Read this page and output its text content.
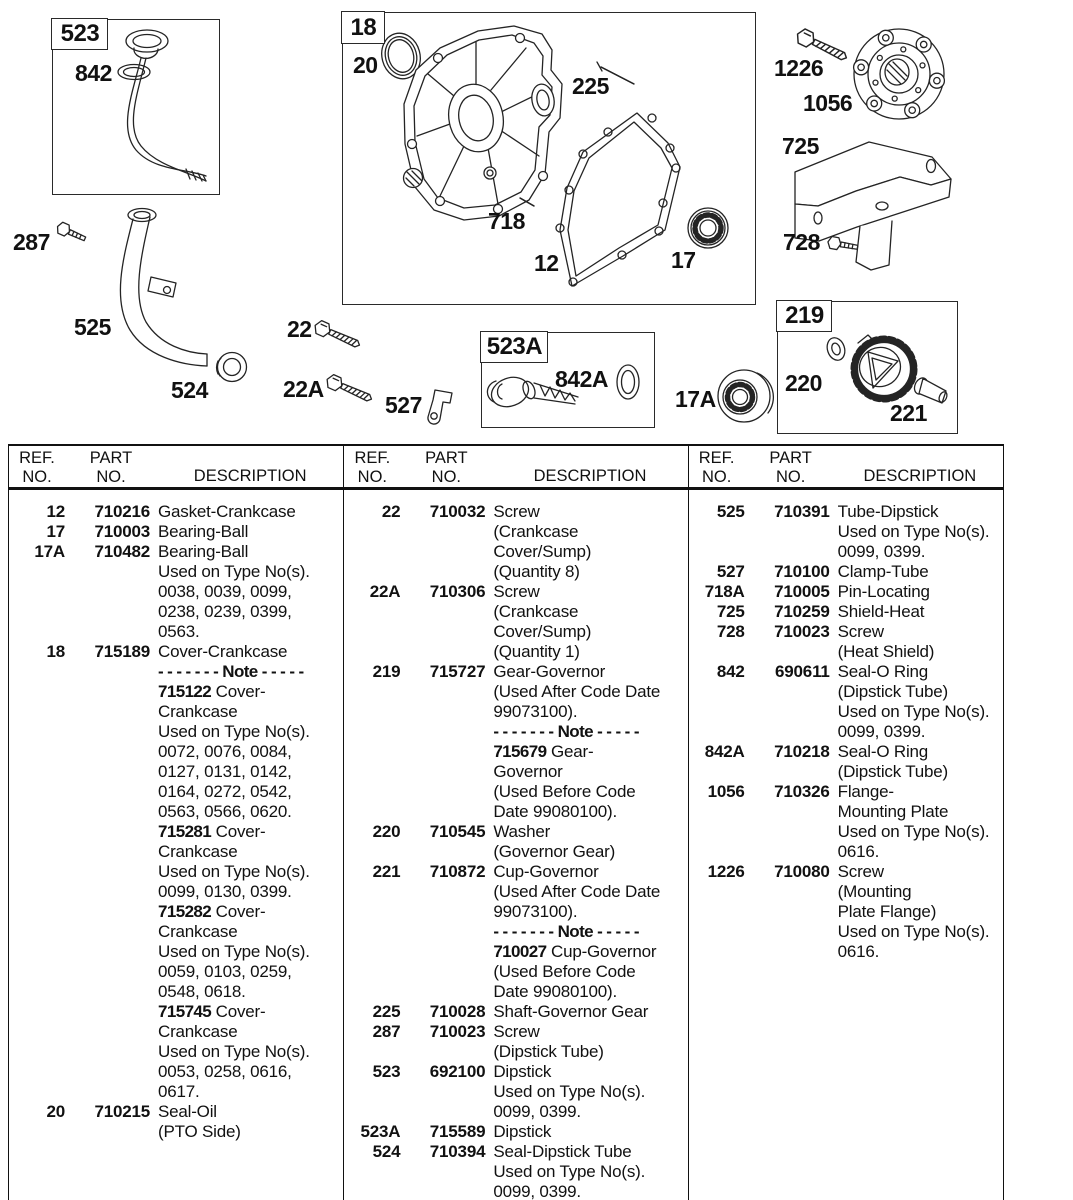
523	18
523A
219
842
287
525
524
20
225
718
12	17
22
22A
527
842A
17A
220
221
1226
1056
725
728
REF.
NO.
PART
NO.	DESCRIPTION
12	710216 Gasket-Crankcase
17	710003 Bearing-Ball
17A	710482 Bearing-Ball
Used on Type No(s).
0038, 0039, 0099,
0238, 0239, 0399,
0563.
18	715189 Cover-Crankcase
- - - - - - - Note - - - - -
715122 Cover-
Crankcase
Used on Type No(s).
0072, 0076, 0084,
0127, 0131, 0142,
0164, 0272, 0542,
0563, 0566, 0620.
715281 Cover-
Crankcase
Used on Type No(s).
0099, 0130, 0399.
715282 Cover-
Crankcase
Used on Type No(s).
0059, 0103, 0259,
0548, 0618.
715745 Cover-
Crankcase
Used on Type No(s).
0053, 0258, 0616,
0617.
20	710215 Seal-Oil
(PTO Side)
REF.
NO.
PART
NO.	DESCRIPTION
22	710032 Screw
(Crankcase
Cover/Sump)
(Quantity 8)
22A	710306 Screw
(Crankcase
Cover/Sump)
(Quantity 1)
219	715727 Gear-Governor
(Used After Code Date
99073100).
- - - - - - - Note - - - - -
715679 Gear-
Governor
(Used Before Code
Date 99080100).
220	710545 Washer
(Governor Gear)
221	710872 Cup-Governor
(Used After Code Date
99073100).
- - - - - - - Note - - - - -
710027 Cup-Governor
(Used Before Code
Date 99080100).
225	710028 Shaft-Governor Gear
287	710023 Screw
(Dipstick Tube)
523	692100 Dipstick
Used on Type No(s).
0099, 0399.
523A	715589 Dipstick
524	710394 Seal-Dipstick Tube
Used on Type No(s).
0099, 0399.
REF.
NO.
PART
NO.	DESCRIPTION
525	710391 Tube-Dipstick
Used on Type No(s).
0099, 0399.
527	710100 Clamp-Tube
718A	710005 Pin-Locating
725	710259 Shield-Heat
728	710023 Screw
(Heat Shield)
842	690611 Seal-O Ring
(Dipstick Tube)
Used on Type No(s).
0099, 0399.
842A	710218 Seal-O Ring
(Dipstick Tube)
1056	710326 Flange-
Mounting Plate
Used on Type No(s).
0616.
1226	710080 Screw
(Mounting
Plate Flange)
Used on Type No(s).
0616.
